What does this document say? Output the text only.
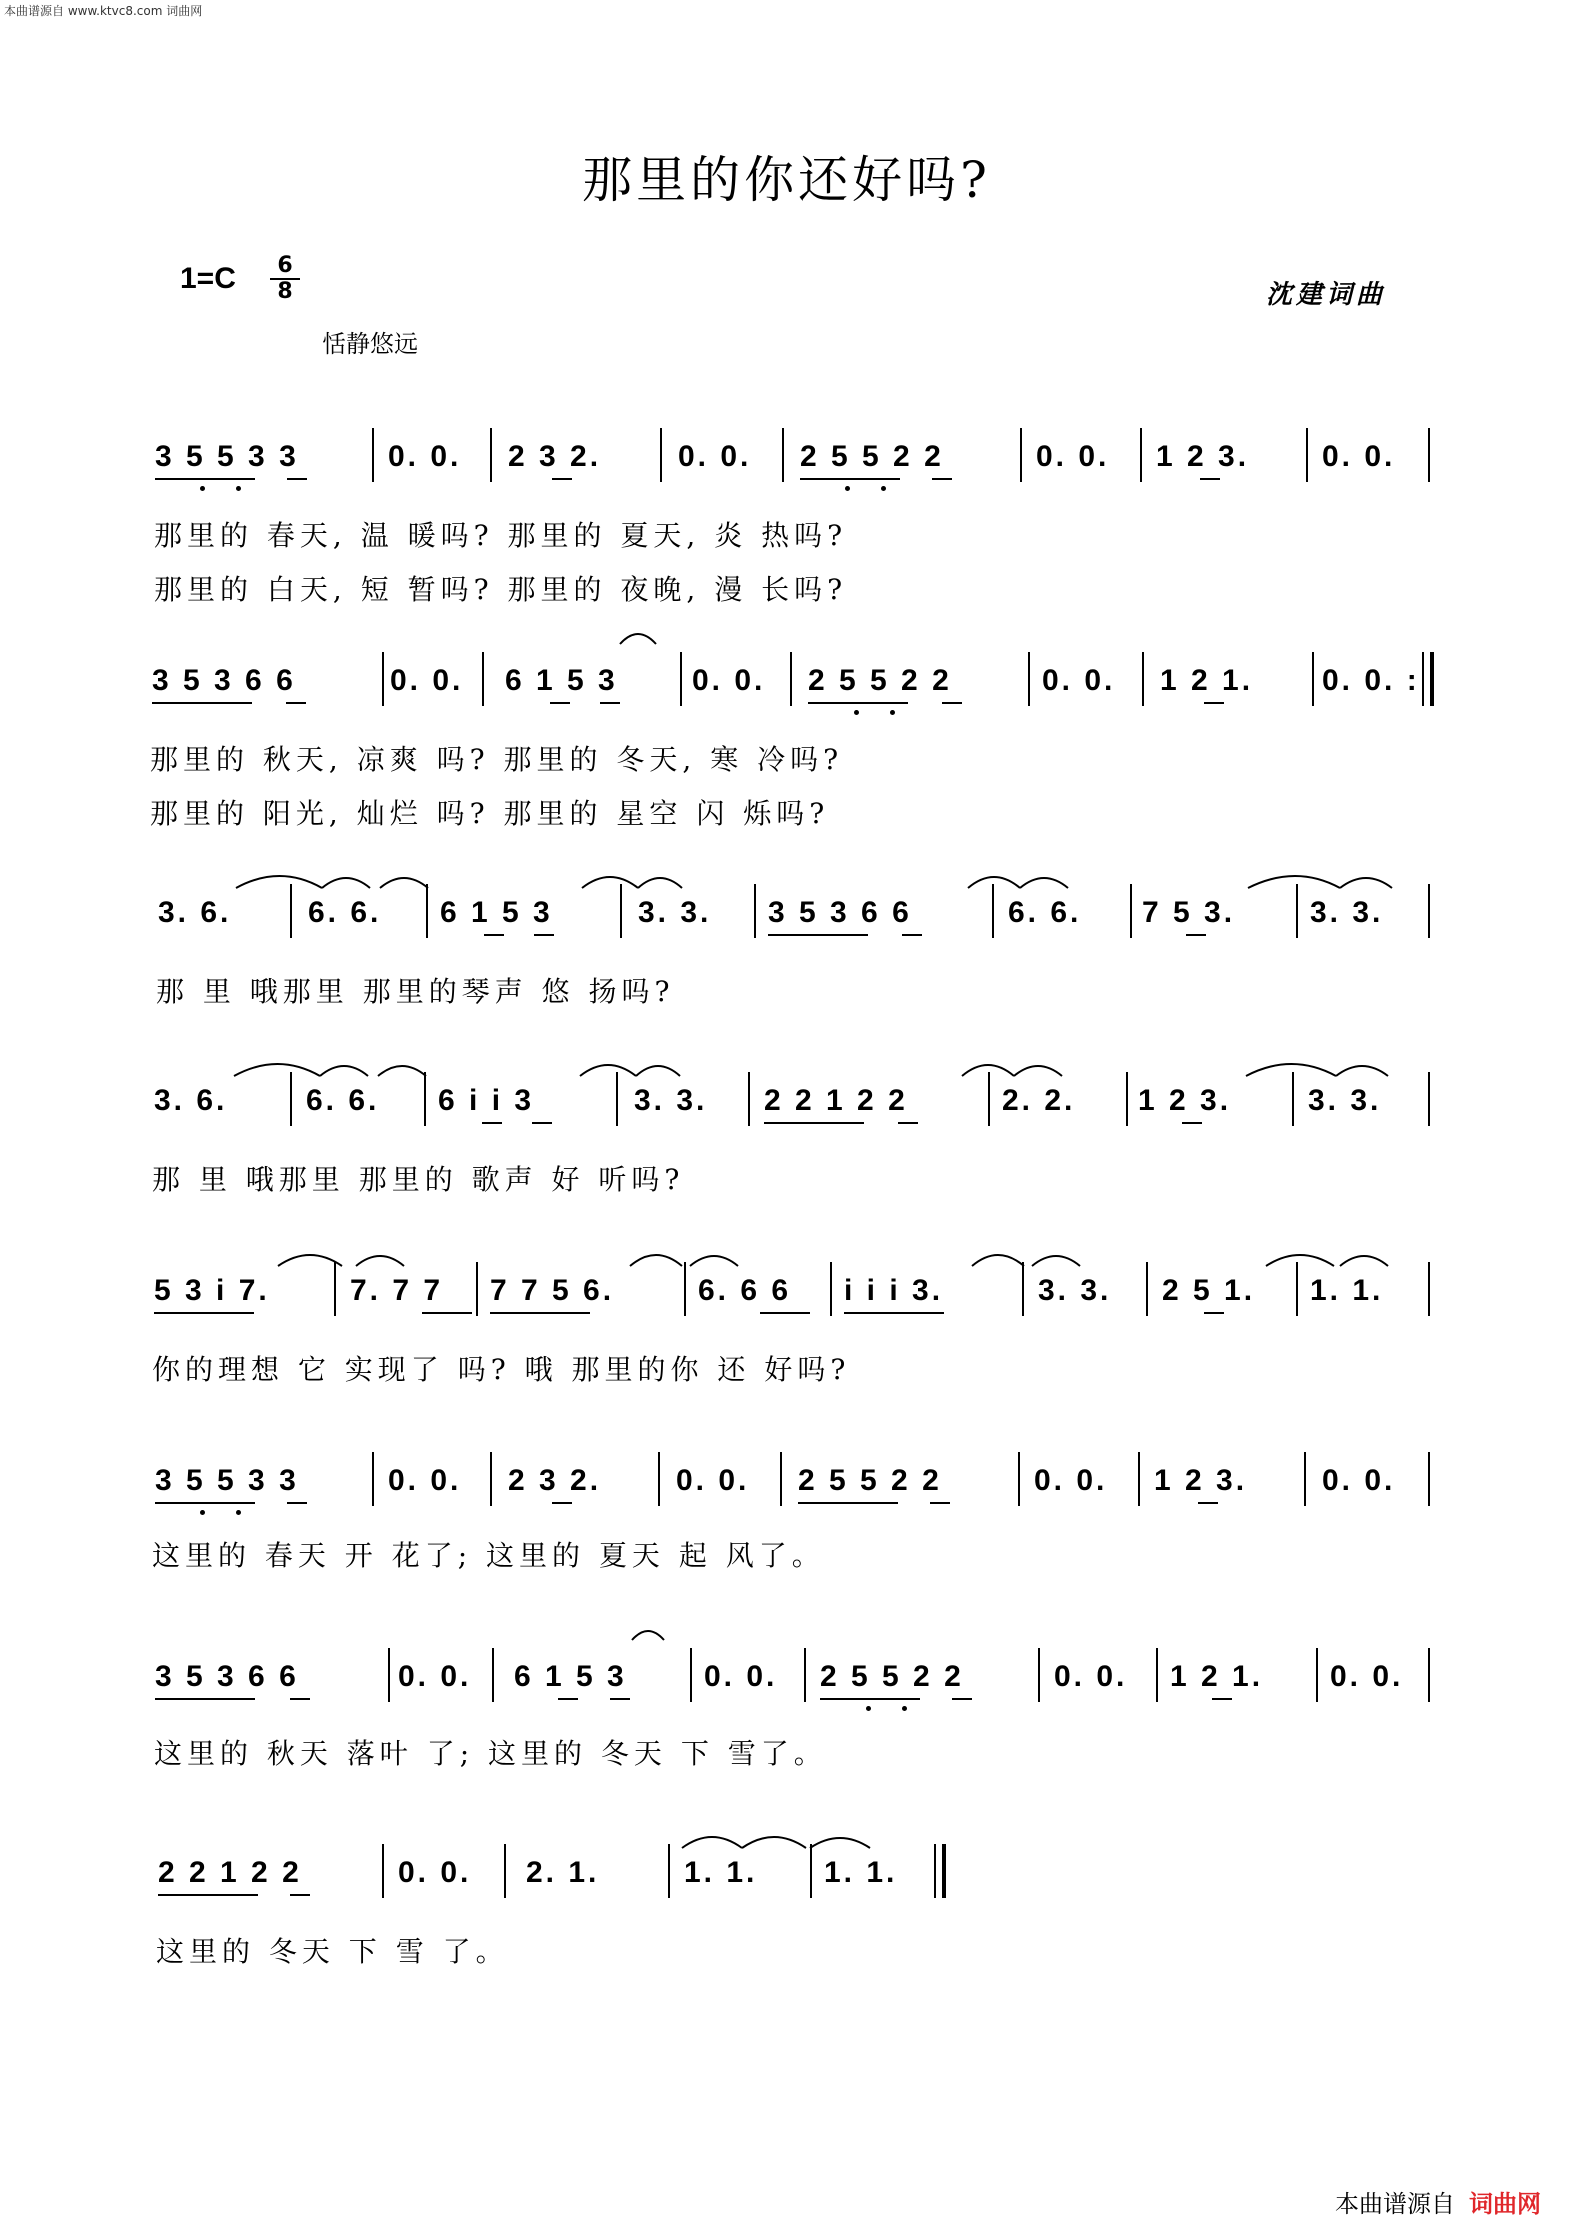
本曲谱源自 www.ktvc8.com 词曲网
那里的你还好吗?
1=C	6
8
恬静悠远
沈建词曲
3 5 5 3 3	0. 0. 2 3 2.	0. 0. 2 5 5 2 2	0. 0. 1 2 3. 0. 0.
那里的 春天, 温 暖吗? 那里的 夏天, 炎 热吗?
那里的 白天, 短 暂吗? 那里的 夜晚, 漫 长吗?
3 5 3 6 6	0. 0. 6 1 5 3 0. 0. 2 5 5 2 2	0. 0. 1 2 1. 0. 0. :
那里的 秋天, 凉爽 吗? 那里的 冬天, 寒 冷吗?
那里的 阳光, 灿烂 吗? 那里的 星空 闪 烁吗?
3. 6.	6. 6. 6 1 5 3	3. 3. 3 5 3 6 6	6. 6. 7 5 3. 3. 3.
那 里 哦那里 那里的琴声 悠 扬吗?
3. 6.	6. 6. 6 i i 3	3. 3. 2 2 1 2 2	2. 2. 1 2 3.	3. 3.
那 里 哦那里 那里的 歌声 好 听吗?
5 3 i 7.	7. 7 7 7 7 5 6.	6. 6 6 i i i 3.	3. 3. 2 5 1. 1. 1.
你的理想 它 实现了 吗? 哦 那里的你 还 好吗?
3 5 5 3 3	0. 0. 2 3 2. 0. 0. 2 5 5 2 2	0. 0. 1 2 3. 0. 0.
这里的 春天 开 花了; 这里的 夏天 起 风了。
3 5 3 6 6	0. 0. 6 1 5 3	0. 0. 2 5 5 2 2	0. 0. 1 2 1. 0. 0.
这里的 秋天 落叶 了; 这里的 冬天 下 雪了。
2 2 1 2 2	0. 0. 2. 1.	1. 1. 1. 1.
这里的 冬天 下 雪 了。
本曲谱源自 词曲网
